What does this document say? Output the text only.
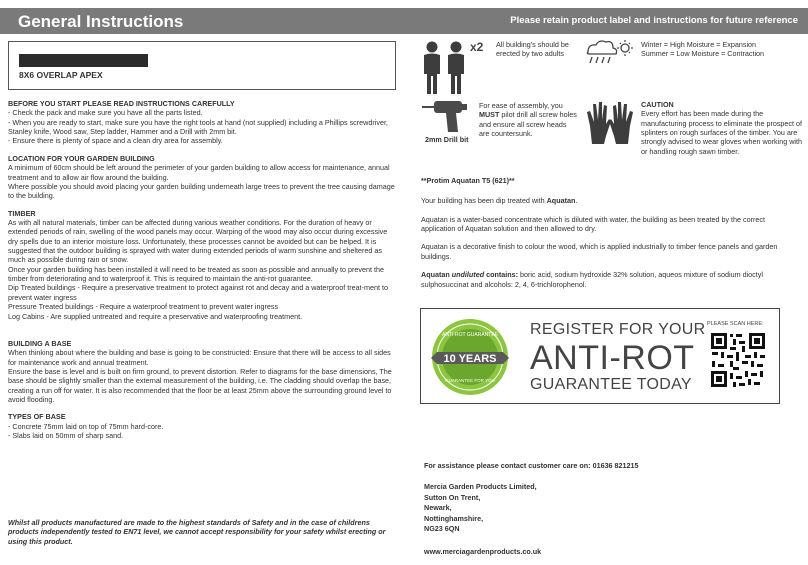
General Instructions	Please retain product label and instructions for future reference
8X6 OVERLAP APEX

BEFORE YOU START PLEASE READ INSTRUCTIONS CAREFULLY

- Check the pack and make sure you have all the parts listed.

- When you are ready to start, make sure you have the right tools at hand (not supplied) including a Phillips screwdriver, Stanley knife, Wood saw, Step ladder, Hammer and a Drill with 2mm bit.

- Ensure there is plenty of space and a clean dry area for assembly.

LOCATION FOR YOUR GARDEN BUILDING

A minimum of 60cm should be left around the perimeter of your garden building to allow access for maintenance, annual treatment and to allow air flow around the building.

Where possible you should avoid placing your garden building underneath large trees to prevent the tree causing damage to the building.

TIMBER

As with all natural materials, timber can be affected during various weather conditions. For the duration of heavy or extended periods of rain, swelling of the wood panels may occur. Warping of the wood may also occur during excessive dry spells due to an interior moisture loss. Unfortunately, these processes cannot be avoided but can be helped. It is suggested that the outdoor building is sprayed with water during extended periods of warm sunshine and sheltered as much as possible during rain or snow.

Once your garden building has been installed it will need to be treated as soon as possible and annually to prevent the timber from deteriorating and to waterproof it. This is required to maintain the anti-rot guarantee.

Dip Treated buildings - Require a preservative treatment to protect against rot and decay and a waterproof treat-ment to prevent water ingress

Pressure Treated buildings - Require a waterproof treatment to prevent water ingress

Log Cabins - Are supplied untreated and require a preservative and waterproofing treatment.

BUILDING A BASE

When thinking about where the building and base is going to be constructed: Ensure that there will be access to all sides for maintenance work and annual treatment.

Ensure the base is level and is built on firm ground, to prevent distortion. Refer to diagrams for the base dimensions, The base should be slightly smaller than the external measurement of the building, i.e. The cladding should overlap the base, creating a run off for water. It is also recommended that the floor be at least 25mm above the surrounding ground level to avoid flooding.

TYPES OF BASE

- Concrete 75mm laid on top of 75mm hard-core.

- Slabs laid on 50mm of sharp sand.

Whilst all products manufactured are made to the highest standards of Safety and in the case of childrens products independently tested to EN71 level, we cannot accept responsibility for your safety whilst erecting or using this product.
x2 All building's should be erected by two adults
Winter = High Moisture = Expansion
Summer = Low Moisture = Contraction
2mm Drill bit
For ease of assembly, you
MUST pilot drill all screw holes and ensure all screw heads are countersunk.
CAUTION
Every effort has been made during the manufacturing process to eliminate the prospect of splinters on rough surfaces of the timber. You are strongly advised to wear gloves when working with or handling rough sawn timber.

**Protim Aquatan T5 (621)**

Your building has been dip treated with Aquatan.

Aquatan is a water-based concentrate which is diluted with water, the building as been treated by the correct application of Aquatan solution and then allowed to dry.

Aquatan is a decorative finish to colour the wood, which is applied industrially to timber fence panels and garden buildings.

Aquatan undiluted contains: boric acid, sodium hydroxide 32% solution, aqueos mixture of sodium dioctyl sulphosuccinat and alcohols: 2, 4, 6-trichlorophenol.

ANTI-ROT GUARANTEE
10 YEARS
GUARANTEE FOR YOU
REGISTER FOR YOUR
ANTI-ROT
GUARANTEE TODAY
PLEASE SCAN HERE:
For assistance please contact customer care on: 01636 821215
Mercia Garden Products Limited,
Sutton On Trent,
Newark,
Nottinghamshire,
NG23 6QN
www.merciagardenproducts.co.uk
